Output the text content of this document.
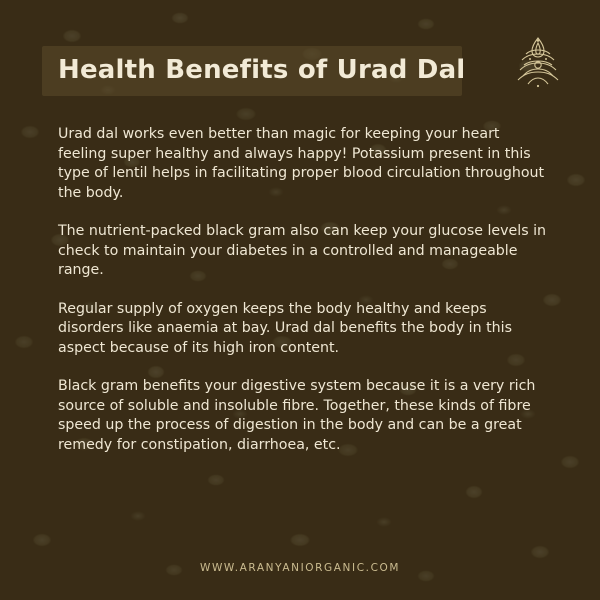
Health Benefits of Urad Dal

Urad dal works even better than magic for keeping your heart feeling super healthy and always happy! Potassium present in this type of lentil helps in facilitating proper blood circulation throughout the body.

The nutrient-packed black gram also can keep your glucose levels in check to maintain your diabetes in a controlled and manageable range.

Regular supply of oxygen keeps the body healthy and keeps disorders like anaemia at bay. Urad dal benefits the body in this aspect because of its high iron content.

Black gram benefits your digestive system because it is a very rich source of soluble and insoluble fibre. Together, these kinds of fibre speed up the process of digestion in the body and can be a great remedy for constipation, diarrhoea, etc.

WWW.ARANYANIORGANIC.COM
